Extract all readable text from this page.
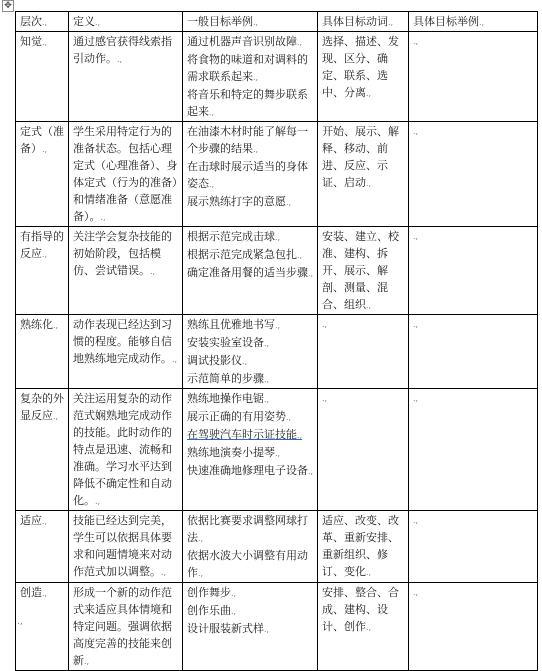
✥
层次.,	定义.,	一般目标举例.,	具体目标动词.,	具体目标举例.,
知觉.,	通过感官获得线索指引动作。.,	通过机器声音识别故障.,
将食物的味道和对调料的需求联系起来.,
将音乐和特定的舞步联系起来.,	选择、描述、发现、区分、确定、联系、选中、分离.,	.,
定式（准备）.,	学生采用特定行为的准备状态。包括心理定式（心理准备）、身体定式（行为的准备）和情绪准备（意愿准备）。.,	在油漆木材时能了解每一个步骤的结果.,
在击球时展示适当的身体姿态.,
展示熟练打字的意愿.,	开始、展示、解释、移动、前进、反应、示证、启动.,	.,
有指导的反应.,	关注学会复杂技能的初始阶段，包括模仿、尝试错误。.,	根据示范完成击球.,
根据示范完成紧急包扎.,
确定准备用餐的适当步骤.,	安装、建立、校准、建构、拆开、展示、解剖、测量、混合、组织.,	.,
熟练化.,	动作表现已经达到习惯的程度。能够自信地熟练地完成动作。.,	熟练且优雅地书写.,
安装实验室设备.,
调试投影仪.,
示范简单的步骤.,	.,	.,
复杂的外显反应.,	关注运用复杂的动作范式娴熟地完成动作的技能。此时动作的特点是迅速、流畅和准确。学习水平达到降低不确定性和自动化。.,	熟练地操作电锯.,
展示正确的有用姿势.,
在驾驶汽车时示证技能.,
熟练地演奏小提琴.,
快速准确地修理电子设备.,	.,	.,
适应.,	技能已经达到完美，学生可以依据具体要求和问题情境来对动作范式加以调整。.,	依据比赛要求调整网球打法.,
依据水波大小调整有用动作.,	适应、改变、改革、重新安排、重新组织、修订、变化.,	.,
创造.,	形成一个新的动作范式来适应具体情境和特定问题。强调依据高度完善的技能来创新.,	创作舞步.,
创作乐曲.,
设计服装新式样.,	安排、整合、合成、建构、设计、创作.,	.,
.,
